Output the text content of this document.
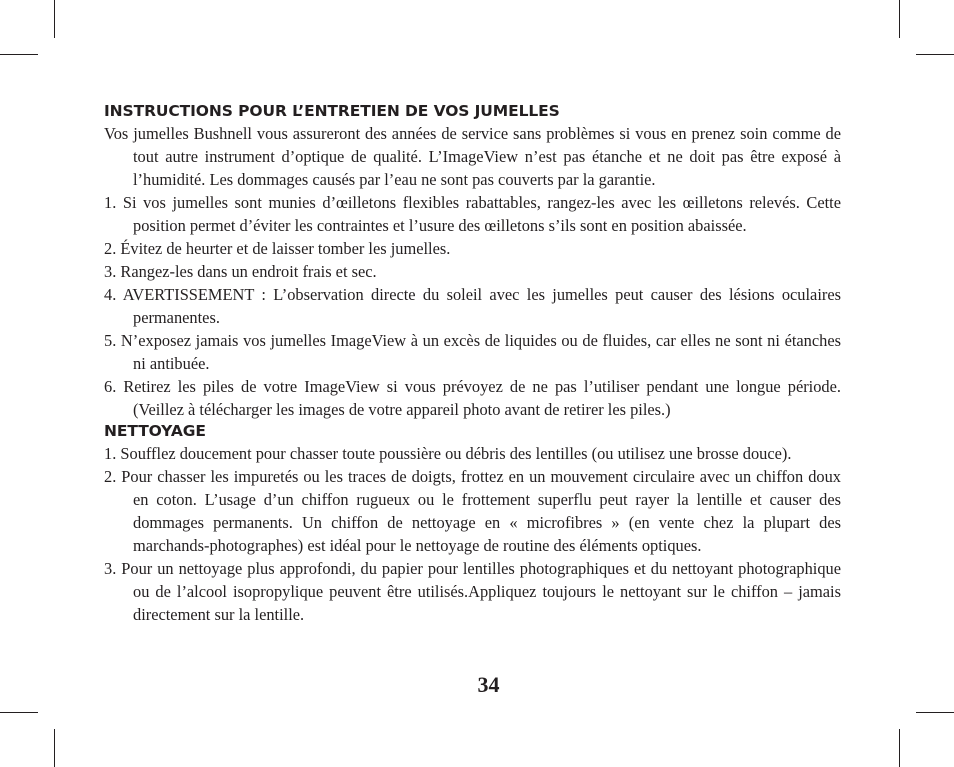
INSTRUCTIONS POUR L’ENTRETIEN DE VOS JUMELLES

Vos jumelles Bushnell vous assureront des années de service sans problèmes si vous en prenez soin comme de tout autre instrument d’optique de qualité. L’ImageView n’est pas étanche et ne doit pas être exposé à l’humidité. Les dommages causés par l’eau ne sont pas couverts par la garantie.

1. Si vos jumelles sont munies d’œilletons flexibles rabattables, rangez-les avec les œilletons relevés. Cette position permet d’éviter les contraintes et l’usure des œilletons s’ils sont en position abaissée.

2. Évitez de heurter et de laisser tomber les jumelles.

3. Rangez-les dans un endroit frais et sec.

4. AVERTISSEMENT : L’observation directe du soleil avec les jumelles peut causer des lésions oculaires permanentes.

5. N’exposez jamais vos jumelles ImageView à un excès de liquides ou de fluides, car elles ne sont ni étanches ni antibuée.

6. Retirez les piles de votre ImageView si vous prévoyez de ne pas l’utiliser pendant une longue période. (Veillez à télécharger les images de votre appareil photo avant de retirer les piles.)

NETTOYAGE

1. Soufflez doucement pour chasser toute poussière ou débris des lentilles (ou utilisez une brosse douce).

2. Pour chasser les impuretés ou les traces de doigts, frottez en un mouvement circulaire avec un chiffon doux en coton. L’usage d’un chiffon rugueux ou le frottement superflu peut rayer la lentille et causer des dommages permanents. Un chiffon de nettoyage en « microfibres » (en vente chez la plupart des marchands-photographes) est idéal pour le nettoyage de routine des éléments optiques.

3. Pour un nettoyage plus approfondi, du papier pour lentilles photographiques et du nettoyant photographique ou de l’alcool isopropylique peuvent être utilisés.Appliquez toujours le nettoyant sur le chiffon – jamais directement sur la lentille.

34
